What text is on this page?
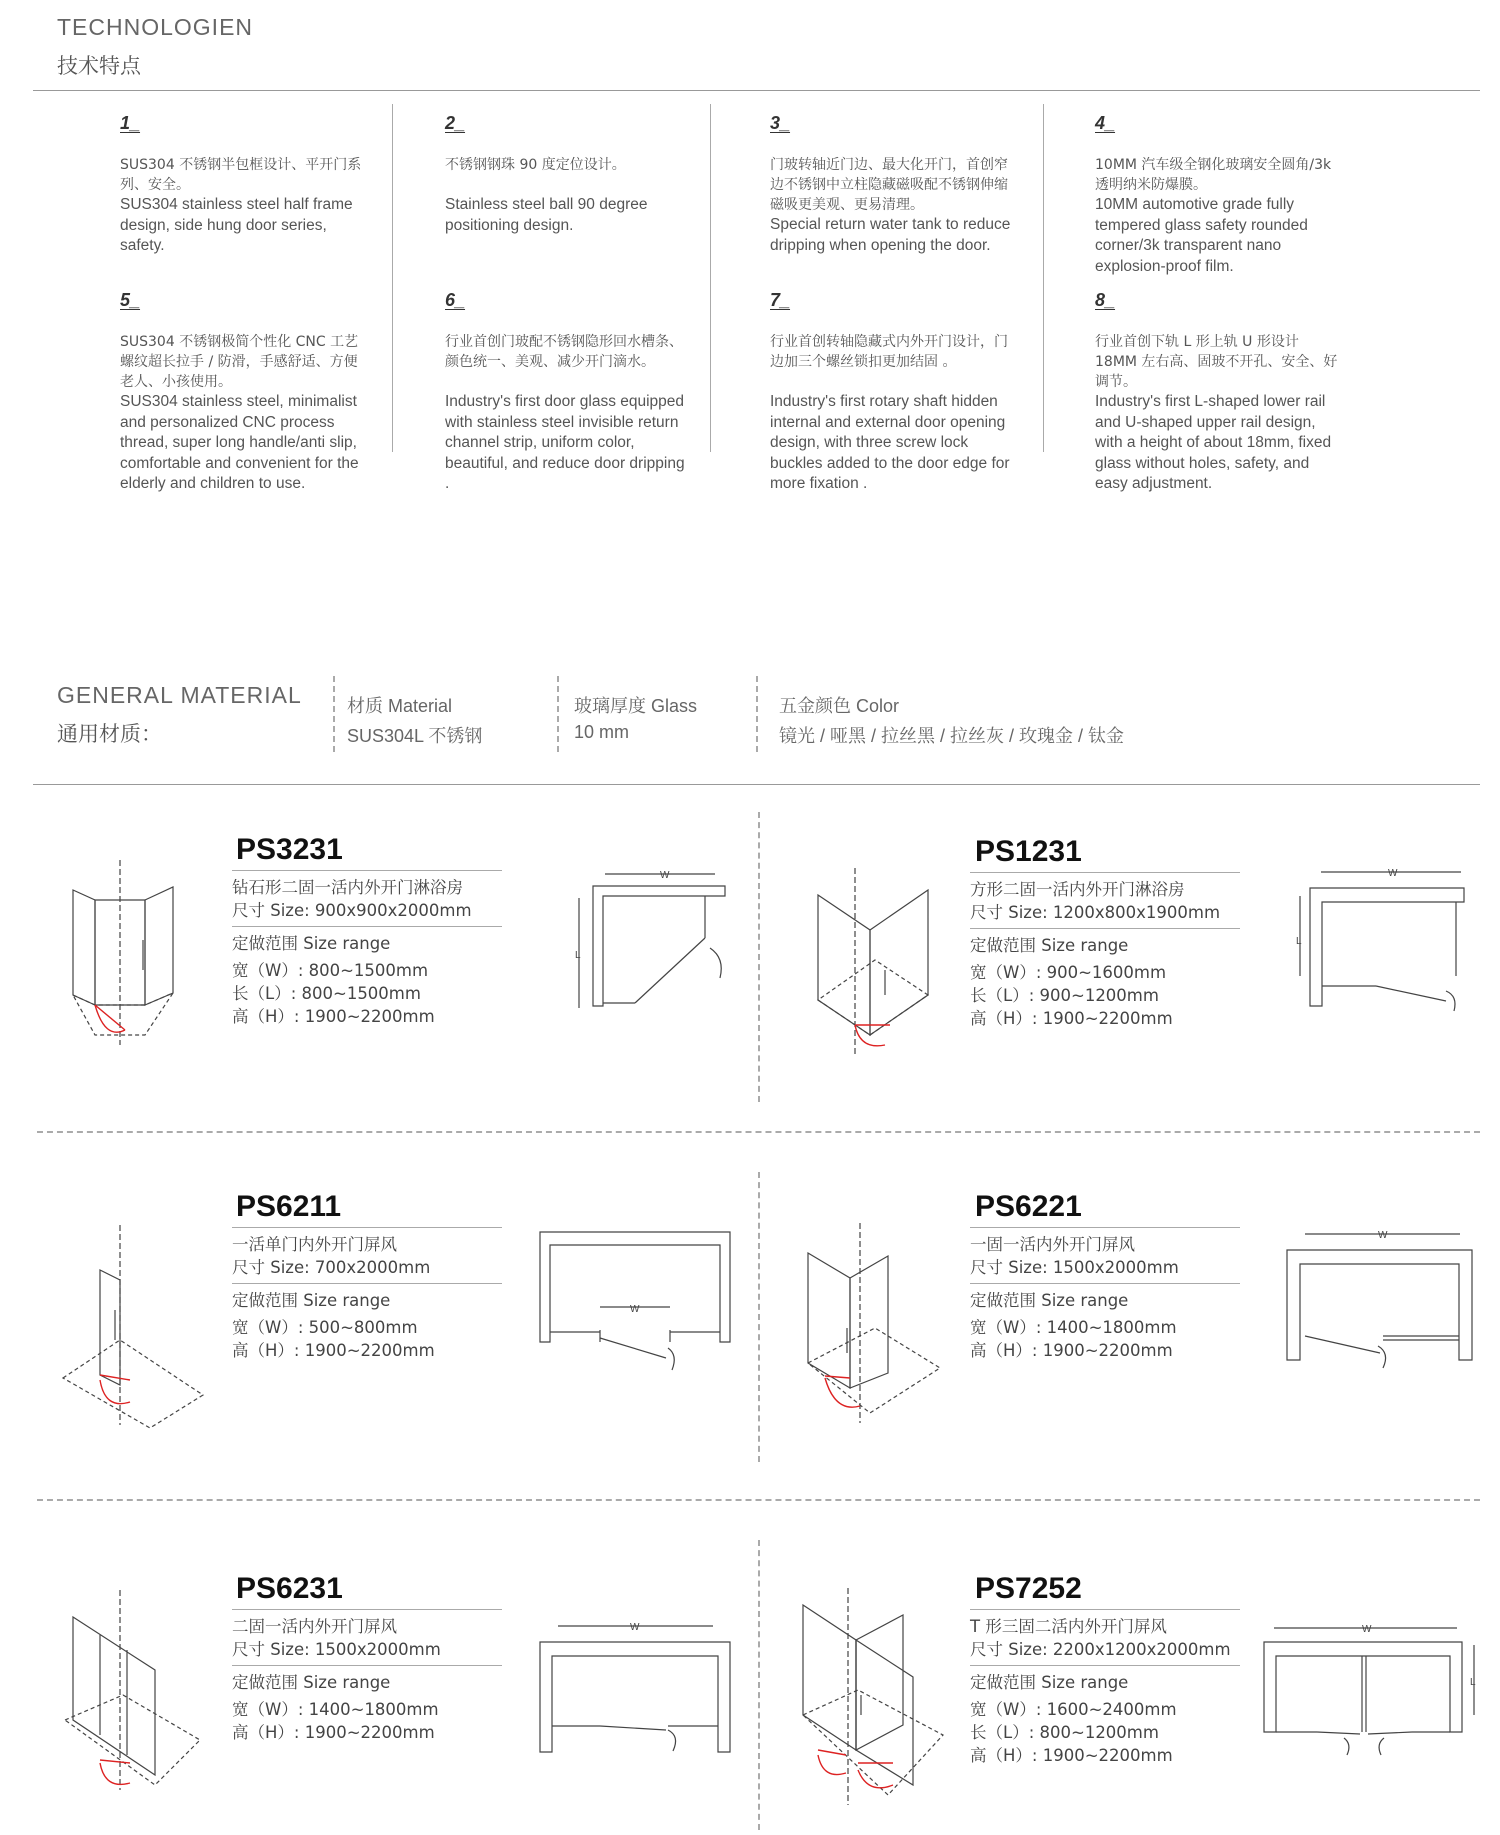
TECHNOLOGIEN
技术特点
1_
SUS304 不锈钢半包框设计、平开门系列、安全。
SUS304 stainless steel half frame design, side hung door series, safety.
2_
不锈钢钢珠 90 度定位设计。
Stainless steel ball 90 degree positioning design.
3_
门玻转轴近门边、最大化开门，首创窄边不锈钢中立柱隐藏磁吸配不锈钢伸缩磁吸更美观、更易清理。
Special return water tank to reduce dripping when opening the door.
4_
10MM 汽车级全钢化玻璃安全圆角/3k 透明纳米防爆膜。
10MM automotive grade fully tempered glass safety rounded corner/3k transparent nano explosion-proof film.
5_
SUS304 不锈钢极简个性化 CNC 工艺螺纹超长拉手 / 防滑，手感舒适、方便老人、小孩使用。
SUS304 stainless steel, minimalist and personalized CNC process thread, super long handle/anti slip, comfortable and convenient for the elderly and children to use.
6_
行业首创门玻配不锈钢隐形回水槽条、颜色统一、美观、减少开门滴水。
Industry's first door glass equipped with stainless steel invisible return channel strip, uniform color, beautiful, and reduce door dripping .
7_
行业首创转轴隐藏式内外开门设计，门边加三个螺丝锁扣更加结固 。
Industry's first rotary shaft hidden internal and external door opening design, with three screw lock buckles added to the door edge for more fixation .
8_
行业首创下轨 L 形上轨 U 形设计 18MM 左右高、固玻不开孔、安全、好调节。
Industry's first L-shaped lower rail and U-shaped upper rail design, with a height of about 18mm, fixed glass without holes, safety, and easy adjustment.
GENERAL MATERIAL
通用材质：
材质 Material
SUS304L 不锈钢
玻璃厚度 Glass
10 mm
五金颜色 Color
镜光 / 哑黑 / 拉丝黑 / 拉丝灰 / 玫瑰金 / 钛金
PS3231
钻石形二固一活内外开门淋浴房
尺寸 Size: 900x900x2000mm
定做范围 Size range
宽（W）: 800~1500mm
长（L）: 800~1500mm
高（H）: 1900~2200mm
W
L
PS1231
方形二固一活内外开门淋浴房
尺寸 Size: 1200x800x1900mm
定做范围 Size range
宽（W）: 900~1600mm
长（L）: 900~1200mm
高（H）: 1900~2200mm
W
L
PS6211
一活单门内外开门屏风
尺寸 Size: 700x2000mm
定做范围 Size range
宽（W）: 500~800mm
高（H）: 1900~2200mm
W
PS6221
一固一活内外开门屏风
尺寸 Size: 1500x2000mm
定做范围 Size range
宽（W）: 1400~1800mm
高（H）: 1900~2200mm
W
PS6231
二固一活内外开门屏风
尺寸 Size: 1500x2000mm
定做范围 Size range
宽（W）: 1400~1800mm
高（H）: 1900~2200mm
W
PS7252
T 形三固二活内外开门屏风
尺寸 Size: 2200x1200x2000mm
定做范围 Size range
宽（W）: 1600~2400mm
长（L）: 800~1200mm
高（H）: 1900~2200mm
W
L
